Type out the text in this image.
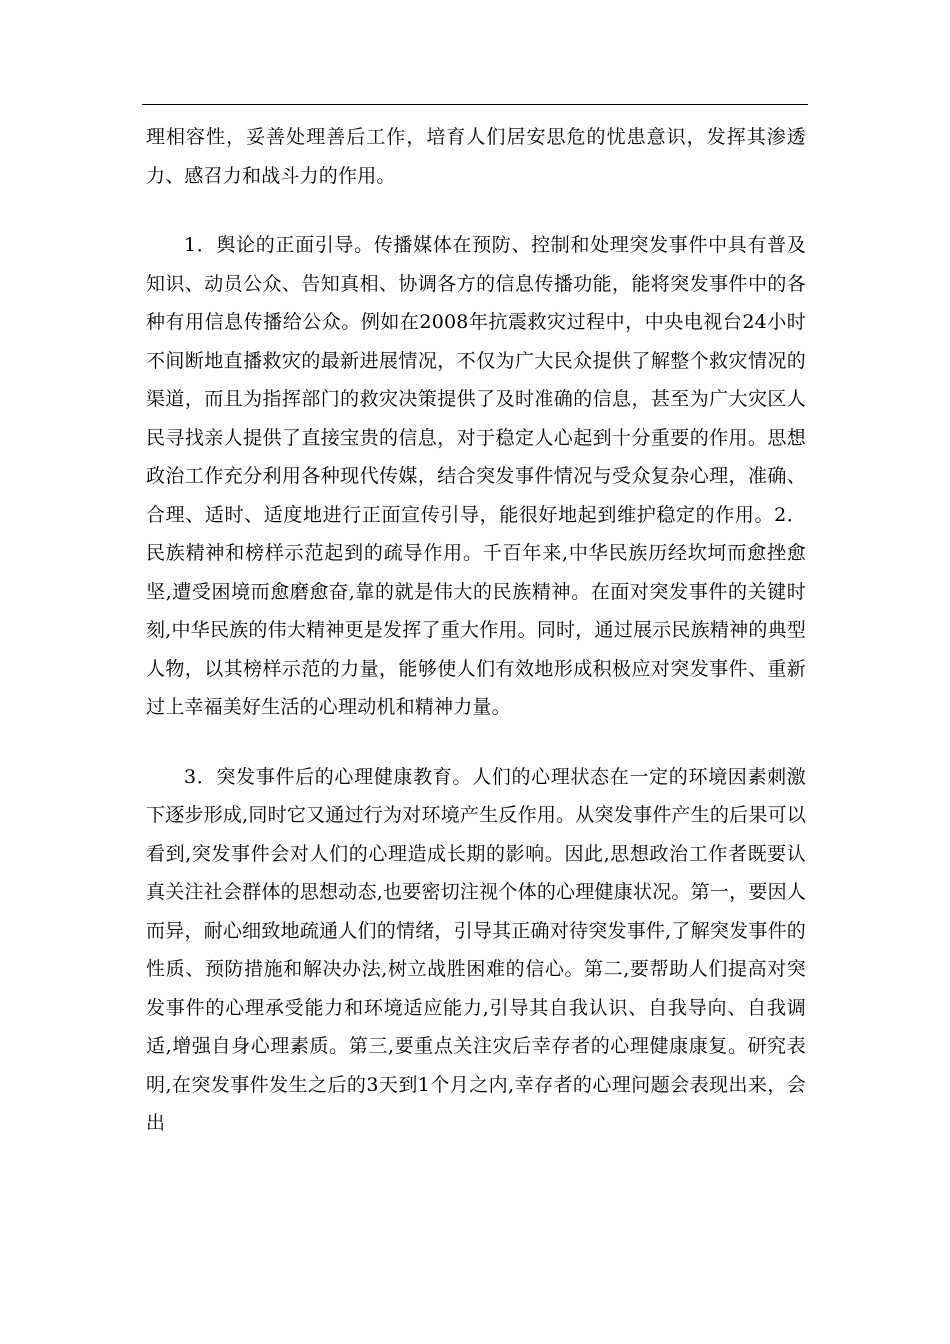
理相容性，妥善处理善后工作，培育人们居安思危的忧患意识，发挥其渗透力、感召力和战斗力的作用。

1．舆论的正面引导。传播媒体在预防、控制和处理突发事件中具有普及知识、动员公众、告知真相、协调各方的信息传播功能，能将突发事件中的各种有用信息传播给公众。例如在2008年抗震救灾过程中，中央电视台24小时不间断地直播救灾的最新进展情况，不仅为广大民众提供了解整个救灾情况的渠道，而且为指挥部门的救灾决策提供了及时准确的信息，甚至为广大灾区人民寻找亲人提供了直接宝贵的信息，对于稳定人心起到十分重要的作用。思想政治工作充分利用各种现代传媒，结合突发事件情况与受众复杂心理，准确、合理、适时、适度地进行正面宣传引导，能很好地起到维护稳定的作用。2．民族精神和榜样示范起到的疏导作用。千百年来,中华民族历经坎坷而愈挫愈坚,遭受困境而愈磨愈奋,靠的就是伟大的民族精神。在面对突发事件的关键时刻,中华民族的伟大精神更是发挥了重大作用。同时，通过展示民族精神的典型人物，以其榜样示范的力量，能够使人们有效地形成积极应对突发事件、重新过上幸福美好生活的心理动机和精神力量。

3．突发事件后的心理健康教育。人们的心理状态在一定的环境因素刺激下逐步形成,同时它又通过行为对环境产生反作用。从突发事件产生的后果可以看到,突发事件会对人们的心理造成长期的影响。因此,思想政治工作者既要认真关注社会群体的思想动态,也要密切注视个体的心理健康状况。第一，要因人而异，耐心细致地疏通人们的情绪，引导其正确对待突发事件,了解突发事件的性质、预防措施和解决办法,树立战胜困难的信心。第二,要帮助人们提高对突发事件的心理承受能力和环境适应能力,引导其自我认识、自我导向、自我调适,增强自身心理素质。第三,要重点关注灾后幸存者的心理健康康复。研究表明,在突发事件发生之后的3天到1个月之内,幸存者的心理问题会表现出来，会出
